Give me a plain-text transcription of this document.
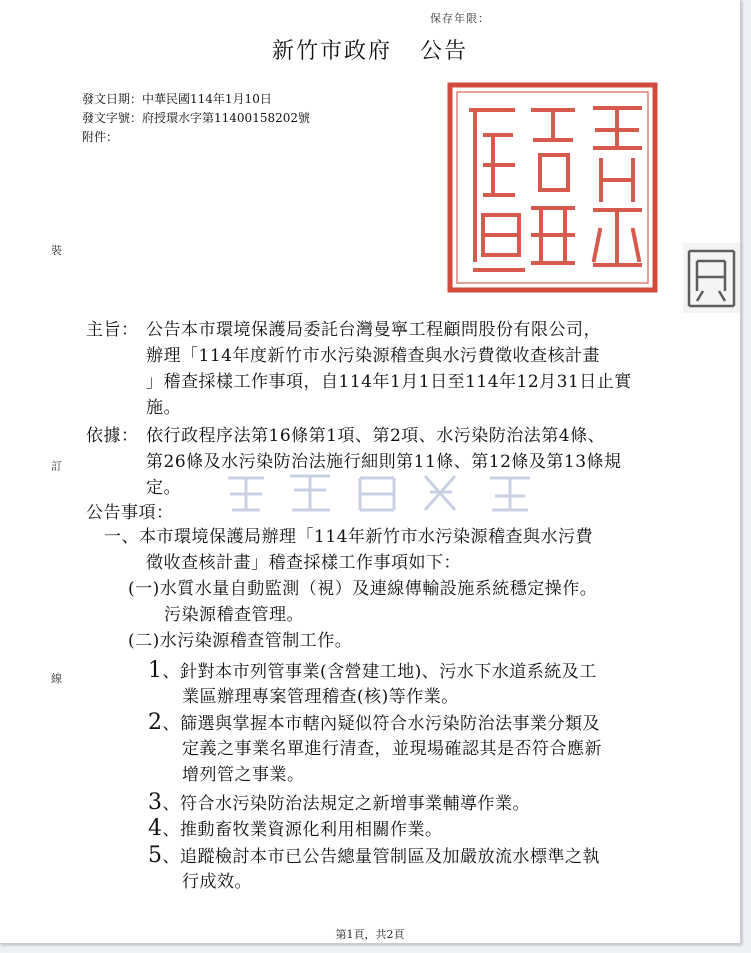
保存年限：
新竹市政府 公告
發文日期：中華民國114年1月10日
發文字號：府授環水字第11400158202號
附件：
裝
訂
線
主旨： 公告本市環境保護局委託台灣曼寧工程顧問股份有限公司，
辦理「114年度新竹市水污染源稽查與水污費徵收查核計畫
」稽查採樣工作事項，自114年1月1日至114年12月31日止實
施。
依據： 依行政程序法第16條第1項、第2項、水污染防治法第4條、
第26條及水污染防治法施行細則第11條、第12條及第13條規
定。
公告事項：
一、本市環境保護局辦理「114年新竹市水污染源稽查與水污費
徵收查核計畫」稽查採樣工作事項如下：
(一)水質水量自動監測（視）及連線傳輸設施系統穩定操作。
污染源稽查管理。
(二)水污染源稽查管制工作。
1、針對本市列管事業(含營建工地)、污水下水道系統及工
業區辦理專案管理稽查(核)等作業。
2、篩選與掌握本市轄內疑似符合水污染防治法事業分類及
定義之事業名單進行清查，並現場確認其是否符合應新
增列管之事業。
3、符合水污染防治法規定之新增事業輔導作業。
4、推動畜牧業資源化利用相關作業。
5、追蹤檢討本市已公告總量管制區及加嚴放流水標準之執
行成效。
第1頁，共2頁
